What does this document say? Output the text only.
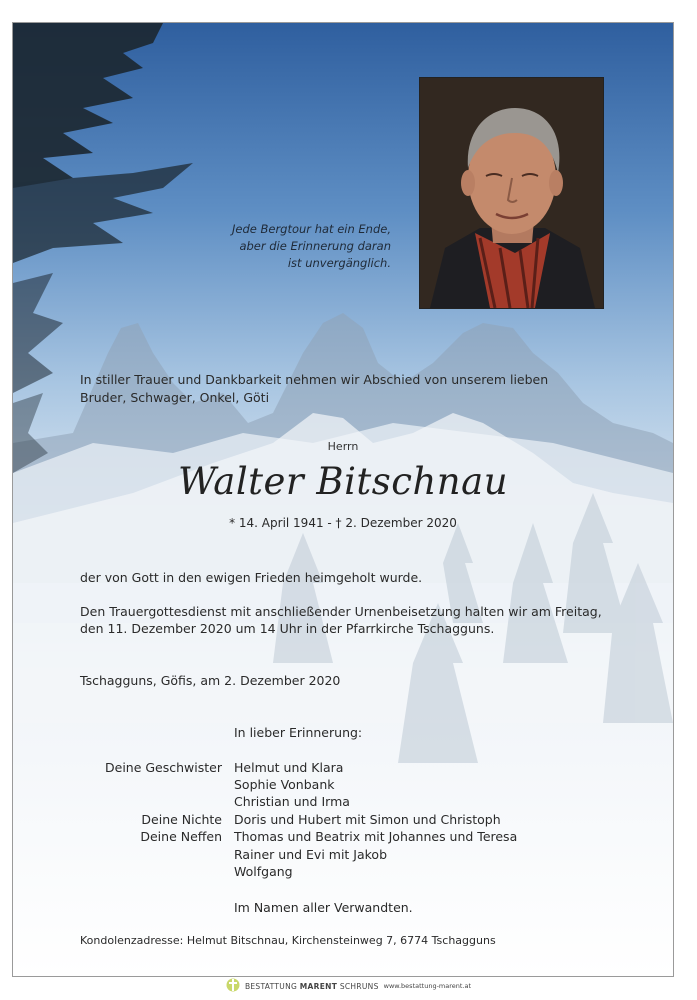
Jede Bergtour hat ein Ende,
aber die Erinnerung daran
ist unvergänglich.
In stiller Trauer und Dankbarkeit nehmen wir Abschied von unserem lieben
Bruder, Schwager, Onkel, Göti
Herrn
Walter Bitschnau
* 14. April 1941 - † 2. Dezember 2020
der von Gott in den ewigen Frieden heimgeholt wurde.
Den Trauergottesdienst mit anschließender Urnenbeisetzung halten wir am Freitag,
den 11. Dezember 2020 um 14 Uhr in der Pfarrkirche Tschagguns.
Tschagguns, Göfis, am 2. Dezember 2020
In lieber Erinnerung:
Deine Geschwister Helmut und Klara
Sophie Vonbank
Christian und Irma
Deine Nichte Doris und Hubert mit Simon und Christoph
Deine Neffen Thomas und Beatrix mit Johannes und Teresa
Rainer und Evi mit Jakob
Wolfgang
Im Namen aller Verwandten.
Kondolenzadresse: Helmut Bitschnau, Kirchensteinweg 7, 6774 Tschagguns
BESTATTUNG MARENT SCHRUNS www.bestattung-marent.at
